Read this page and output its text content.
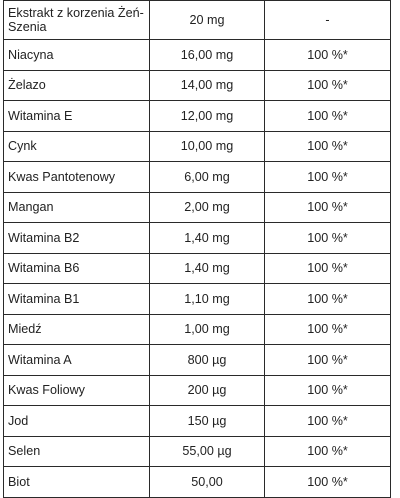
Ekstrakt z korzenia Żeń-Szenia	20 mg	-
Niacyna	16,00 mg	100 %*
Żelazo	14,00 mg	100 %*
Witamina E	12,00 mg	100 %*
Cynk	10,00 mg	100 %*
Kwas Pantotenowy	6,00 mg	100 %*
Mangan	2,00 mg	100 %*
Witamina B2	1,40 mg	100 %*
Witamina B6	1,40 mg	100 %*
Witamina B1	1,10 mg	100 %*
Miedź	1,00 mg	100 %*
Witamina A	800 µg	100 %*
Kwas Foliowy	200 µg	100 %*
Jod	150 µg	100 %*
Selen	55,00 µg	100 %*
Biot	50,00	100 %*
